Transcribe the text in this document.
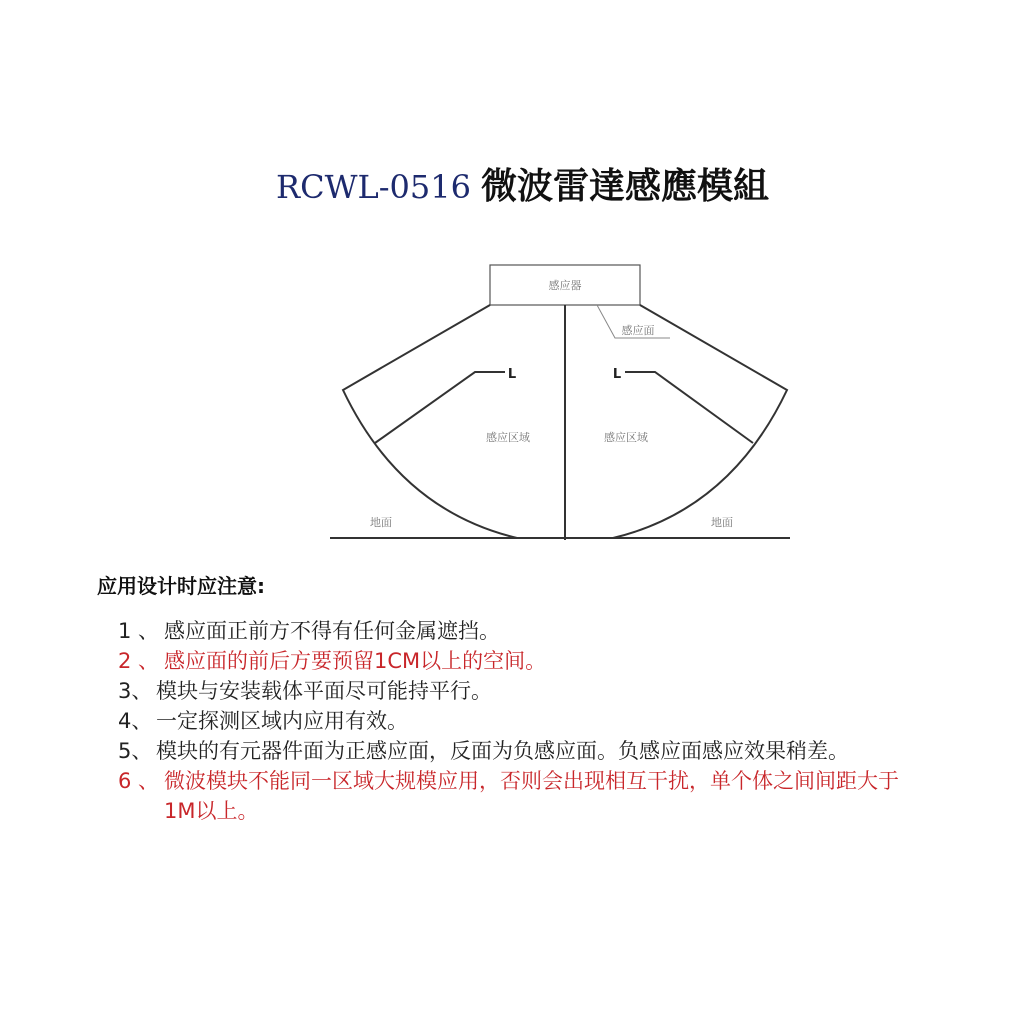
RCWL-0516 微波雷達感應模組
感应器
感应面
感应区域	感应区域
地面	地面
L	L
应用设计时应注意:
1 、 感应面正前方不得有任何金属遮挡。
2 、 感应面的前后方要预留1CM以上的空间。
3、 模块与安装载体平面尽可能持平行。
4、 一定探测区域内应用有效。
5、 模块的有元器件面为正感应面，反面为负感应面。负感应面感应效果稍差。
6 、 微波模块不能同一区域大规模应用，否则会出现相互干扰，单个体之间间距大于1M以上。
